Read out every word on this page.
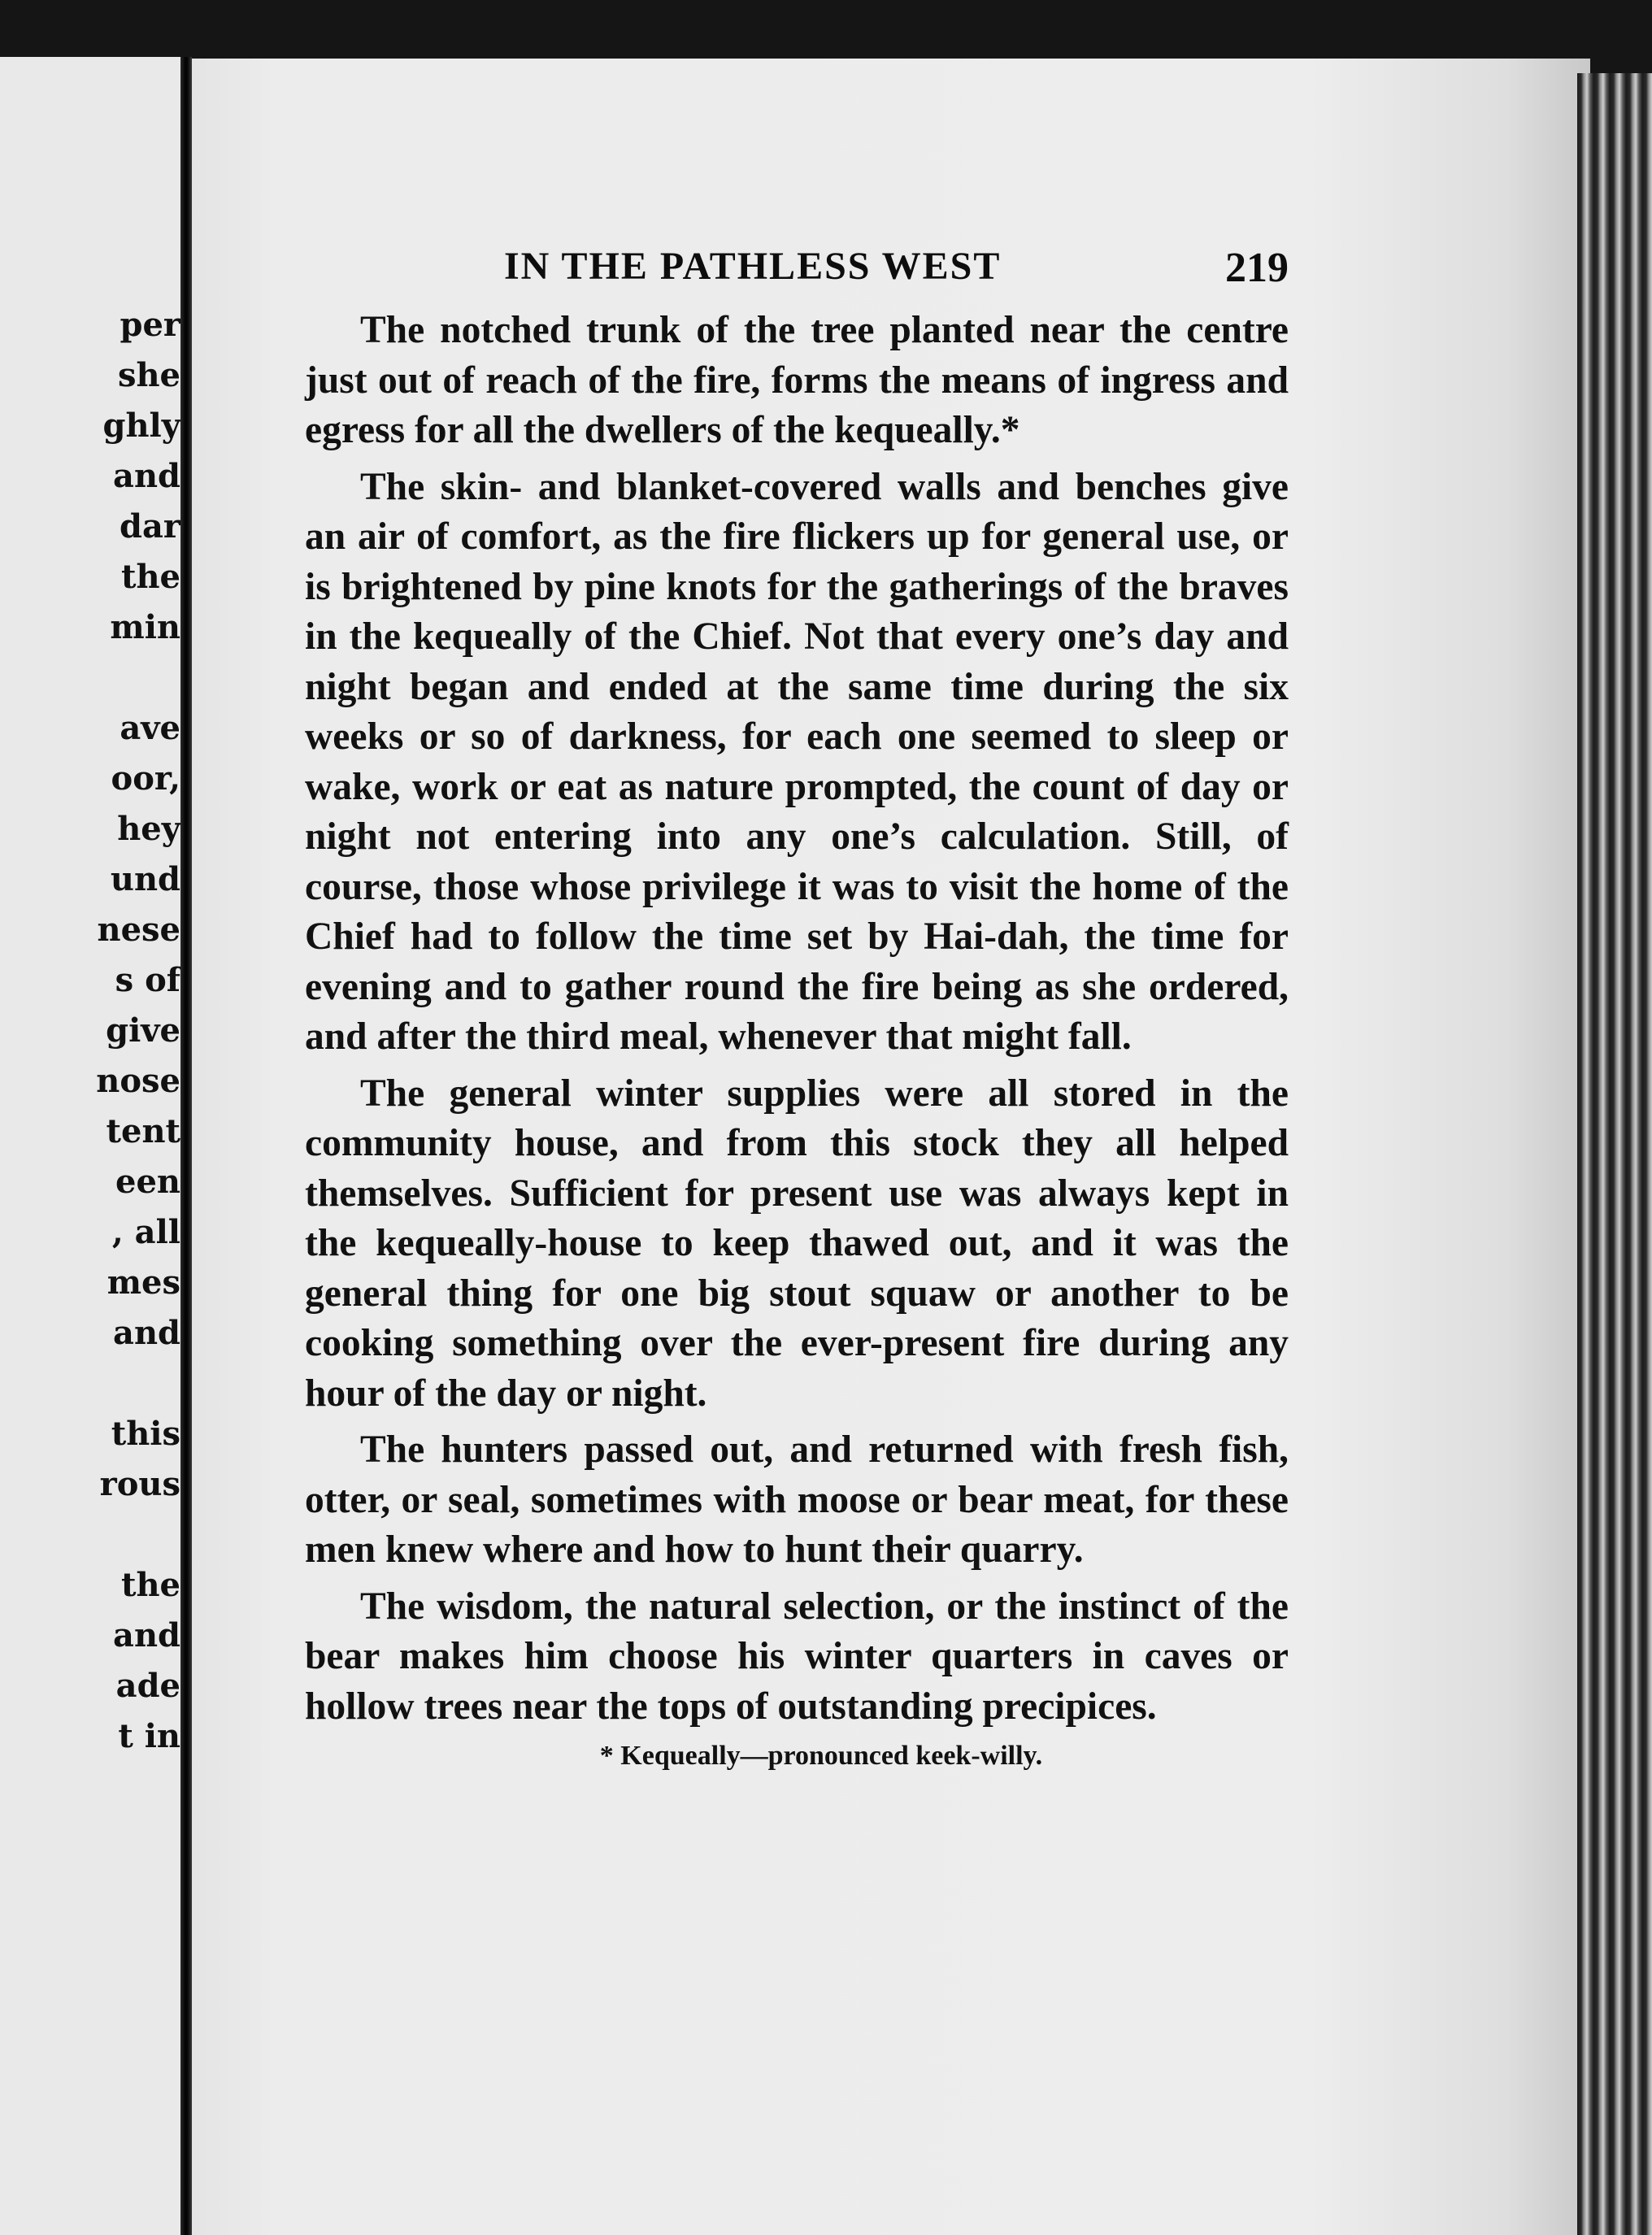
per
she
ghly
and
dar
the
min
ave
oor,
hey
und
nese
s of
give
nose
tent
een
, all
mes
and
this
rous
the
and
ade
t in
IN THE PATHLESS WEST	219

The notched trunk of the tree planted near the centre just out of reach of the fire, forms the means of ingress and egress for all the dwellers of the kequeally.*

The skin- and blanket-covered walls and benches give an air of comfort, as the fire flickers up for general use, or is brightened by pine knots for the gatherings of the braves in the kequeally of the Chief. Not that every one’s day and night began and ended at the same time during the six weeks or so of darkness, for each one seemed to sleep or wake, work or eat as nature prompted, the count of day or night not entering into any one’s calculation. Still, of course, those whose privilege it was to visit the home of the Chief had to follow the time set by Hai-dah, the time for evening and to gather round the fire being as she ordered, and after the third meal, whenever that might fall.

The general winter supplies were all stored in the community house, and from this stock they all helped themselves. Sufficient for present use was always kept in the kequeally-house to keep thawed out, and it was the general thing for one big stout squaw or another to be cooking something over the ever-present fire during any hour of the day or night.

The hunters passed out, and returned with fresh fish, otter, or seal, sometimes with moose or bear meat, for these men knew where and how to hunt their quarry.

The wisdom, the natural selection, or the instinct of the bear makes him choose his winter quarters in caves or hollow trees near the tops of outstanding precipices.

* Kequeally—pronounced keek-willy.
